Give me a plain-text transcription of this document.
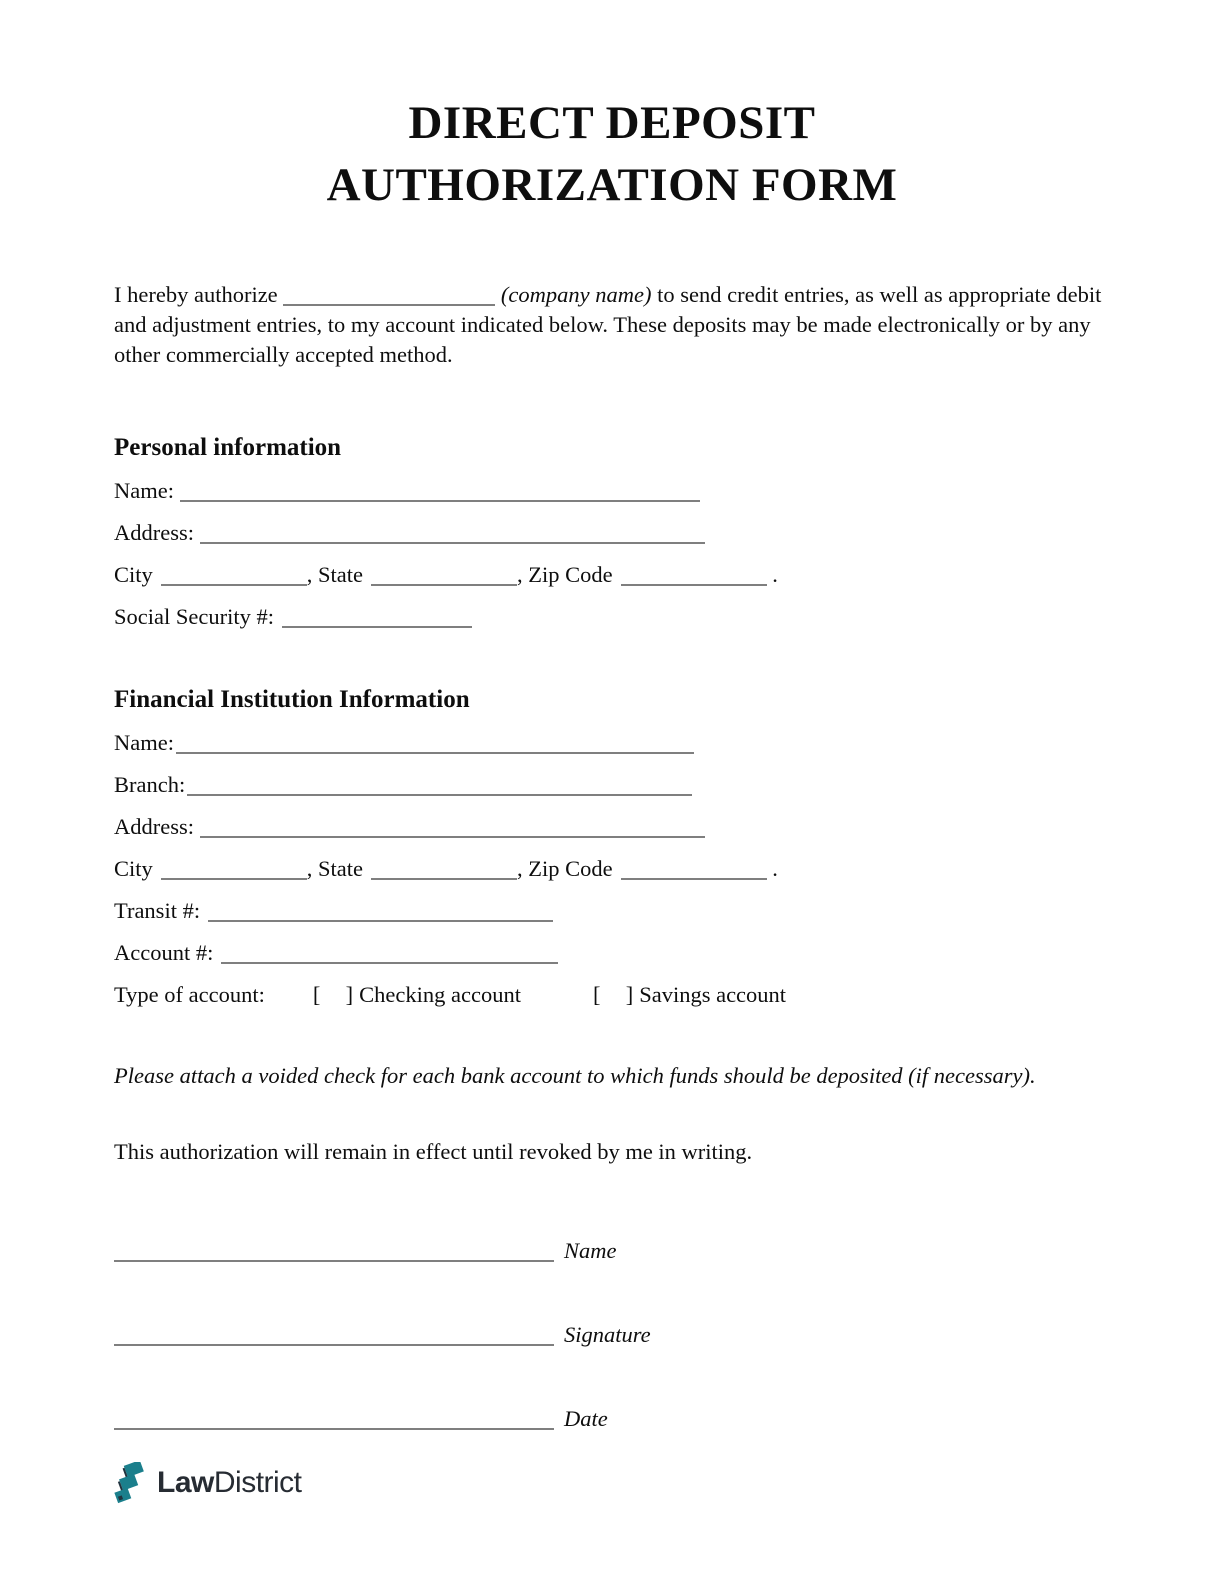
DIRECT DEPOSIT
AUTHORIZATION FORM

I hereby authorize	(company name) to send credit entries, as well as appropriate debit and adjustment entries, to my account indicated below. These deposits may be made electronically or by any other commercially accepted method.

Personal information
Name:
Address:
City	, State	, Zip Code	.
Social Security #:
Financial Institution Information
Name:
Branch:
Address:
City	, State	, Zip Code	.
Transit #:
Account #:
Type of account: [  ] Checking account	[  ] Savings account
Please attach a voided check for each bank account to which funds should be deposited (if necessary).
This authorization will remain in effect until revoked by me in writing.
Name
Signature
Date
LawDistrict
